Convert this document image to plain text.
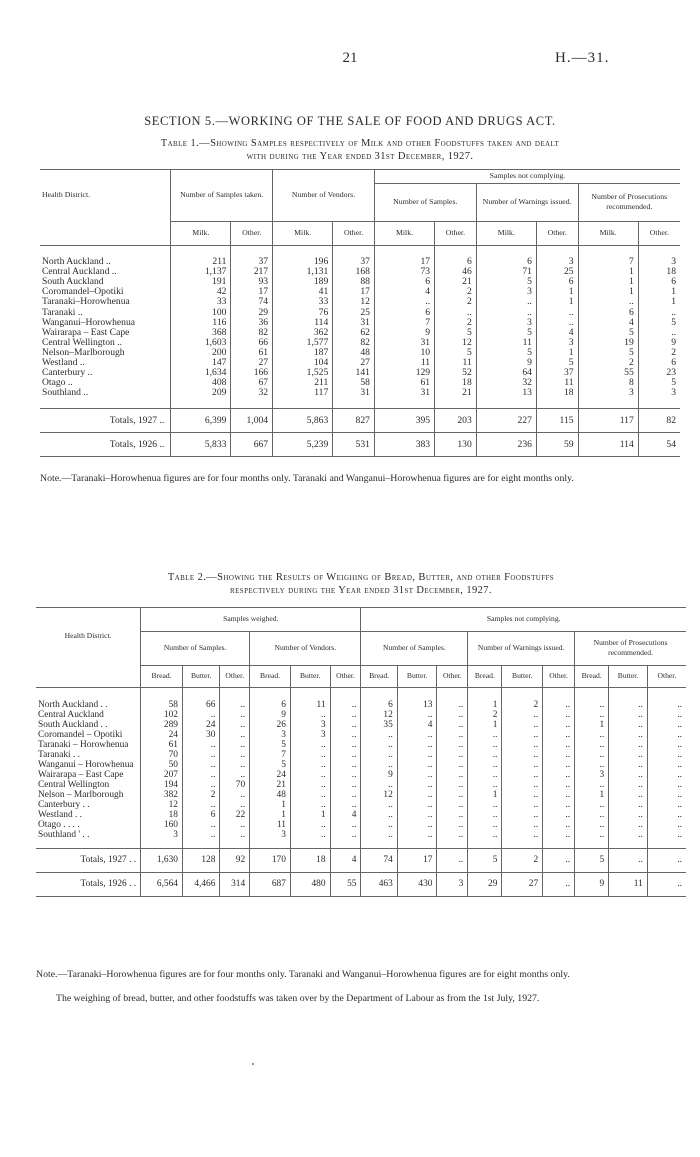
21	H.—31.
SECTION 5.—WORKING OF THE SALE OF FOOD AND DRUGS ACT.
Table 1.—Showing Samples respectively of Milk and other Foodstuffs taken and dealt
with during the Year ended 31st December, 1927.
Health District.	Number of Samples taken.		Number of Vendors.		Samples not complying.					
					Number of Samples.		Number of Warnings issued.		Number of Prosecutions recommended.	
	Milk.	Other.	Milk.	Other.	Milk.	Other.	Milk.	Other.	Milk.	Other.

North Auckland ..	211	37	196	37	17	6	6	3	7	3
Central Auckland ..	1,137	217	1,131	168	73	46	71	25	1	18
South Auckland	191	93	189	88	6	21	5	6	1	6
Coromandel–Opotiki	42	17	41	17	4	2	3	1	1	1
Taranaki–Horowhenua	33	74	33	12	..	2	..	1	..	1
Taranaki ..	100	29	76	25	6	..	..	..	6	..
Wanganui–Horowhenua	116	36	114	31	7	2	3	..	4	5
Wairarapa – East Cape	368	82	362	62	9	5	5	4	5	..
Central Wellington ..	1,603	66	1,577	82	31	12	11	3	19	9
Nelson–Marlborough	200	61	187	48	10	5	5	1	5	2
Westland ..	147	27	104	27	11	11	9	5	2	6
Canterbury ..	1,634	166	1,525	141	129	52	64	37	55	23
Otago ..	408	67	211	58	61	18	32	11	8	5
Southland ..	209	32	117	31	31	21	13	18	3	3

Totals, 1927 ..	6,399	1,004	5,863	827	395	203	227	115	117	82
Totals, 1926 ..	5,833	667	5,239	531	383	130	236	59	114	54
Note.—Taranaki–Horowhenua figures are for four months only. Taranaki and Wanganui–Horowhenua figures are for eight months only.
Table 2.—Showing the Results of Weighing of Bread, Butter, and other Foodstuffs
respectively during the Year ended 31st December, 1927.
Health District.	Samples weighed.						Samples not complying.								
	Number of Samples.			Number of Vendors.			Number of Samples.			Number of Warnings issued.			Number of Prosecutions recommended.		
	Bread.	Butter.	Other.	Bread.	Butter.	Other.	Bread.	Butter.	Other.	Bread.	Butter.	Other.	Bread.	Butter.	Other.

North Auckland . .	58	66	..	6	11	..	6	13	..	1	2	..	..	..	..
Central Auckland	102	..	..	9	..	..	12	..	..	2	..	..	..	..	..
South Auckland . .	289	24	..	26	3	..	35	4	..	1	..	..	1	..	..
Coromandel – Opotiki	24	30	..	3	3	..	..	..	..	..	..	..	..	..	..
Taranaki – Horowhenua	61	..	..	5	..	..	..	..	..	..	..	..	..	..	..
Taranaki . .	70	..	..	7	..	..	..	..	..	..	..	..	..	..	..
Wanganui – Horowhenua	50	..	..	5	..	..	..	..	..	..	..	..	..	..	..
Wairarapa – East Cape	207	..	..	24	..	..	9	..	..	..	..	..	3	..	..
Central Wellington	194	..	70	21	..	..	..	..	..	..	..	..	..	..	..
Nelson – Marlborough	382	2	..	48	..	..	12	..	..	1	..	..	1	..	..
Canterbury . .	12	..	..	1	..	..	..	..	..	..	..	..	..	..	..
Westland . .	18	6	22	1	1	4	..	..	..	..	..	..	..	..	..
Otago . . . .	160	..	..	11	..	..	..	..	..	..	..	..	..	..	..
Southland ' . .	3	..	..	3	..	..	..	..	..	..	..	..	..	..	..

Totals, 1927 . .	1,630	128	92	170	18	4	74	17	..	5	2	..	5	..	..
Totals, 1926 . .	6,564	4,466	314	687	480	55	463	430	3	29	27	..	9	11	..
Note.—Taranaki–Horowhenua figures are for four months only. Taranaki and Wanganui–Horowhenua figures are for eight months only.
The weighing of bread, butter, and other foodstuffs was taken over by the Department of Labour as from the 1st July, 1927.
